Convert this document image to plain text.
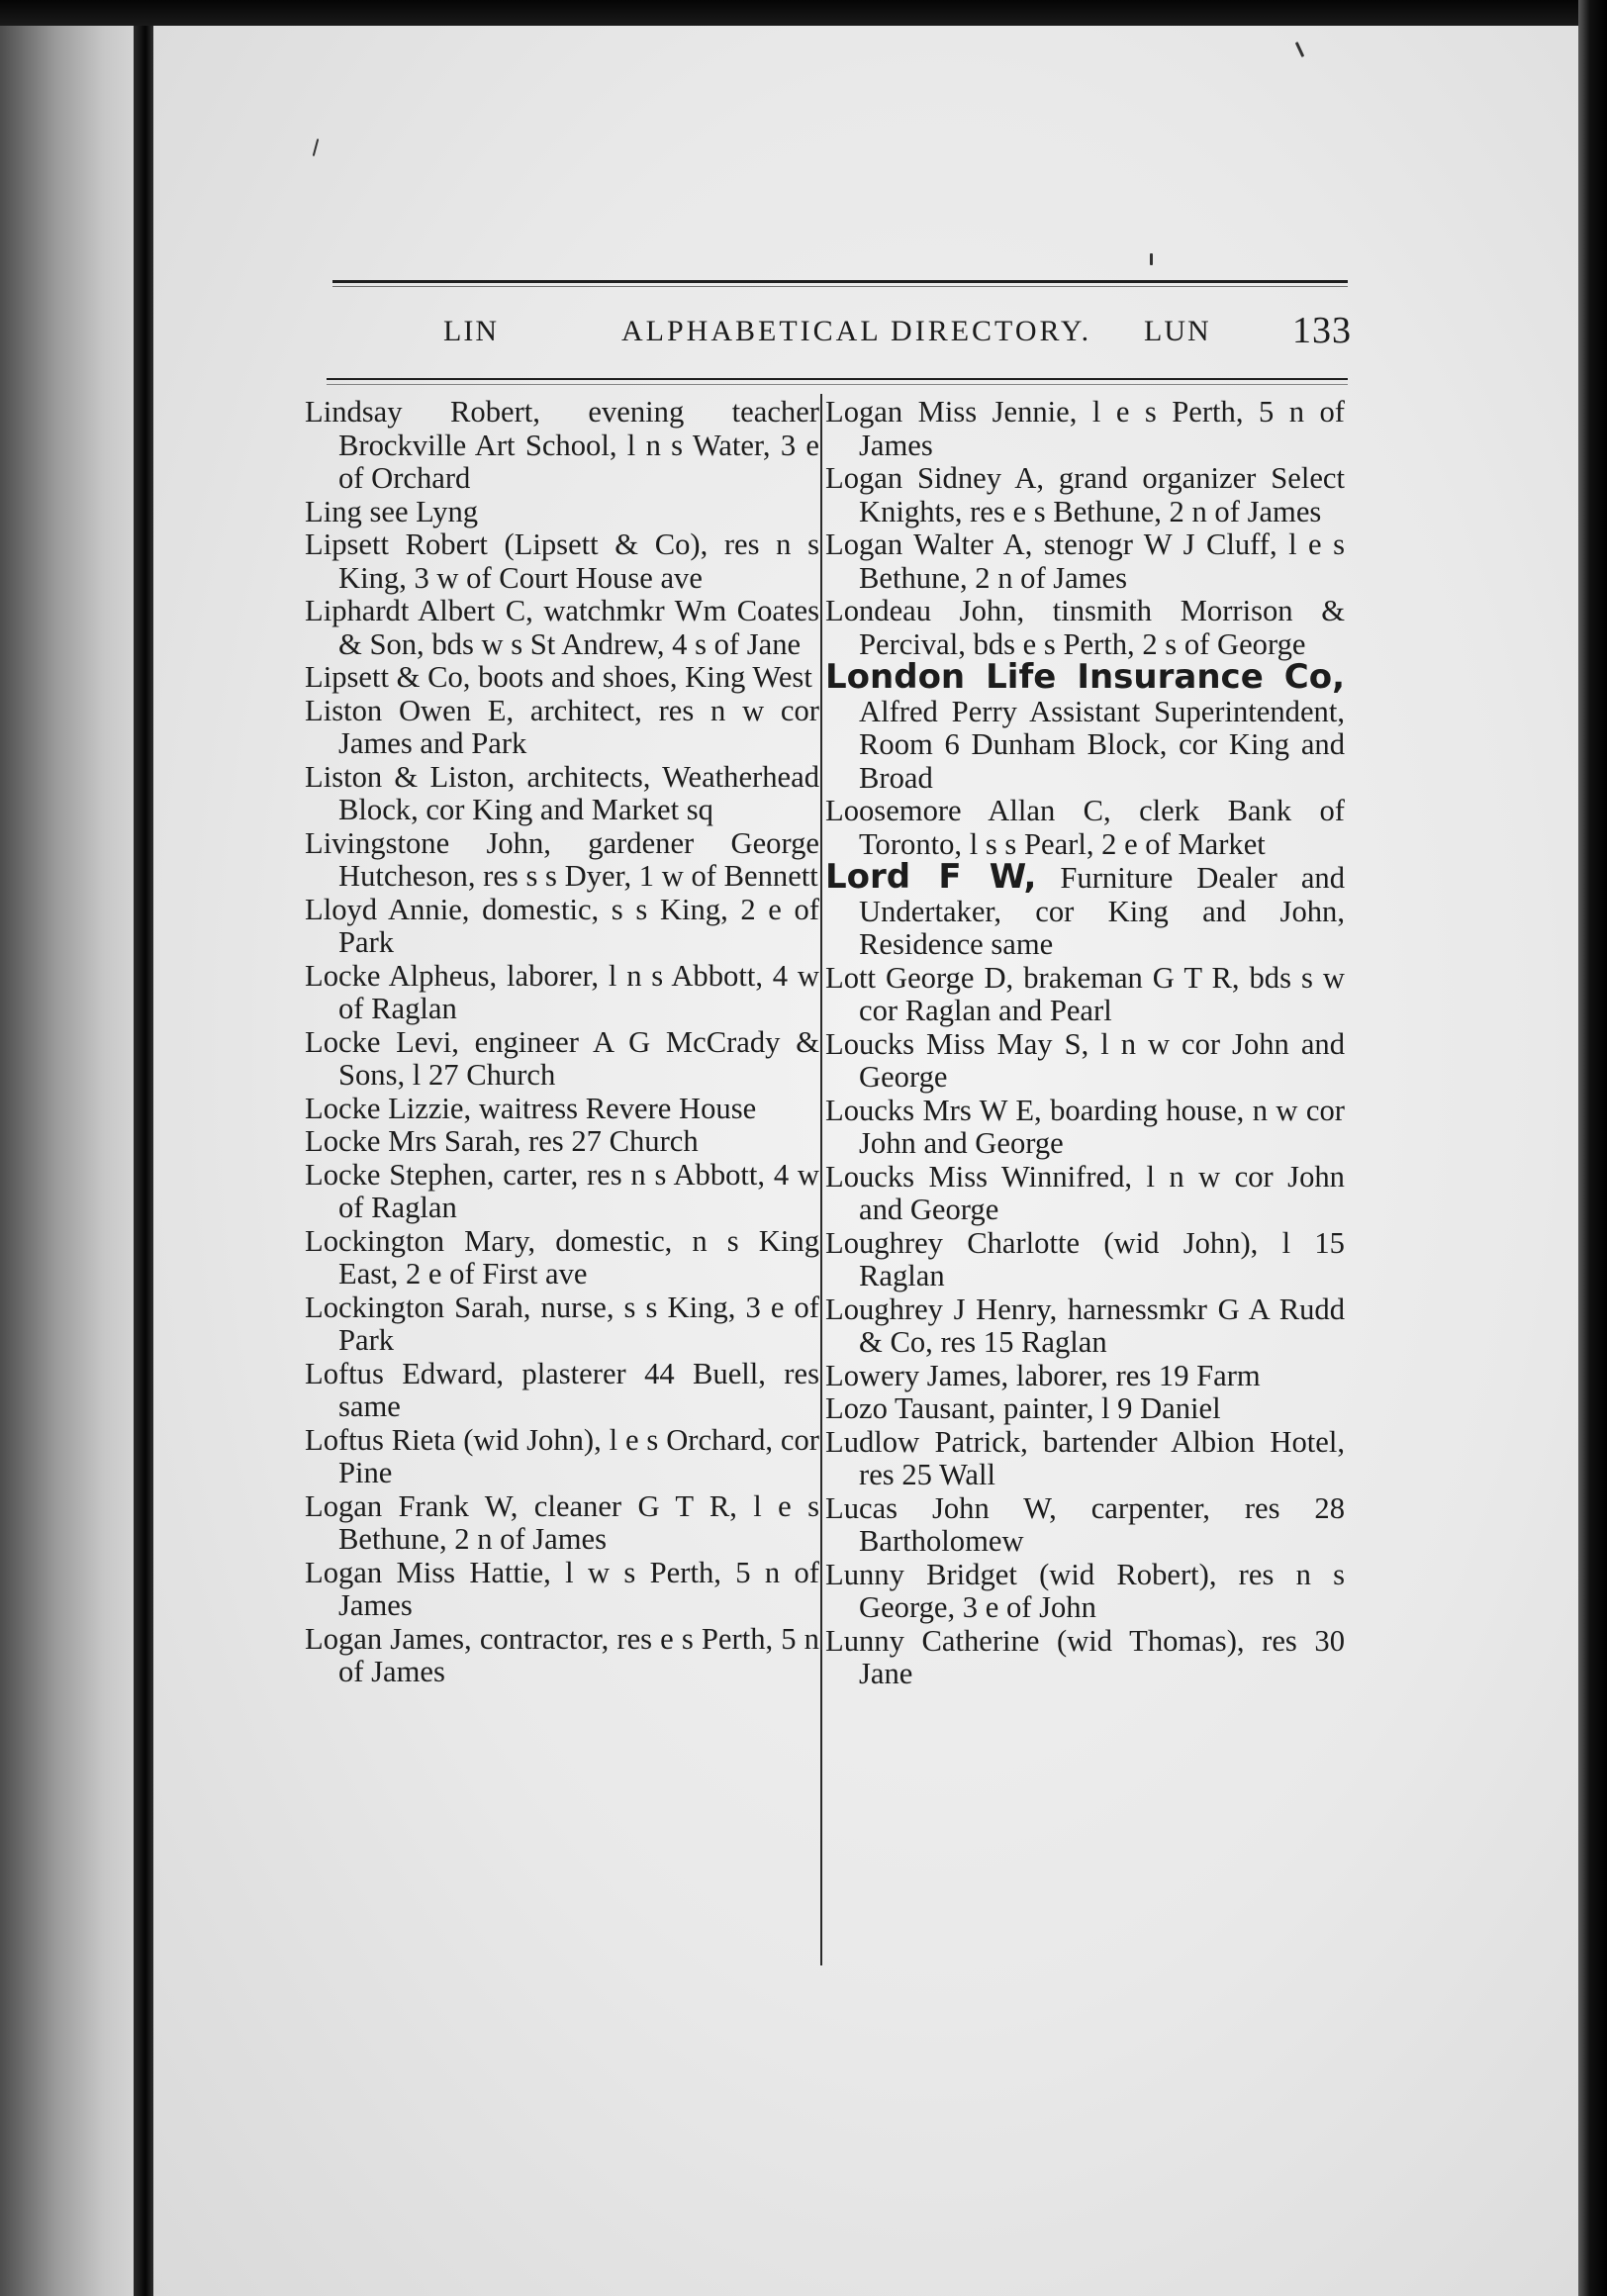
LIN	ALPHABETICAL DIRECTORY. LUN 133
Lindsay Robert, evening teacher Brockville Art School, l n s Water, 3 e of Orchard
Ling see Lyng
Lipsett Robert (Lipsett & Co), res n s King, 3 w of Court House ave
Liphardt Albert C, watchmkr Wm Coates & Son, bds w s St Andrew, 4 s of Jane
Lipsett & Co, boots and shoes, King West
Liston Owen E, architect, res n w cor James and Park
Liston & Liston, architects, Weatherhead Block, cor King and Market sq
Livingstone John, gardener George Hutcheson, res s s Dyer, 1 w of Bennett
Lloyd Annie, domestic, s s King, 2 e of Park
Locke Alpheus, laborer, l n s Abbott, 4 w of Raglan
Locke Levi, engineer A G McCrady & Sons, l 27 Church
Locke Lizzie, waitress Revere House
Locke Mrs Sarah, res 27 Church
Locke Stephen, carter, res n s Abbott, 4 w of Raglan
Lockington Mary, domestic, n s King East, 2 e of First ave
Lockington Sarah, nurse, s s King, 3 e of Park
Loftus Edward, plasterer 44 Buell, res same
Loftus Rieta (wid John), l e s Orchard, cor Pine
Logan Frank W, cleaner G T R, l e s Bethune, 2 n of James
Logan Miss Hattie, l w s Perth, 5 n of James
Logan James, contractor, res e s Perth, 5 n of James
Logan Miss Jennie, l e s Perth, 5 n of James
Logan Sidney A, grand organizer Select Knights, res e s Bethune, 2 n of James
Logan Walter A, stenogr W J Cluff, l e s Bethune, 2 n of James
Londeau John, tinsmith Morrison & Percival, bds e s Perth, 2 s of George
London Life Insurance Co, Alfred Perry Assistant Superintendent, Room 6 Dunham Block, cor King and Broad
Loosemore Allan C, clerk Bank of Toronto, l s s Pearl, 2 e of Market
Lord F W, Furniture Dealer and Undertaker, cor King and John, Residence same
Lott George D, brakeman G T R, bds s w cor Raglan and Pearl
Loucks Miss May S, l n w cor John and George
Loucks Mrs W E, boarding house, n w cor John and George
Loucks Miss Winnifred, l n w cor John and George
Loughrey Charlotte (wid John), l 15 Raglan
Loughrey J Henry, harnessmkr G A Rudd & Co, res 15 Raglan
Lowery James, laborer, res 19 Farm
Lozo Tausant, painter, l 9 Daniel
Ludlow Patrick, bartender Albion Hotel, res 25 Wall
Lucas John W, carpenter, res 28 Bartholomew
Lunny Bridget (wid Robert), res n s George, 3 e of John
Lunny Catherine (wid Thomas), res 30 Jane
